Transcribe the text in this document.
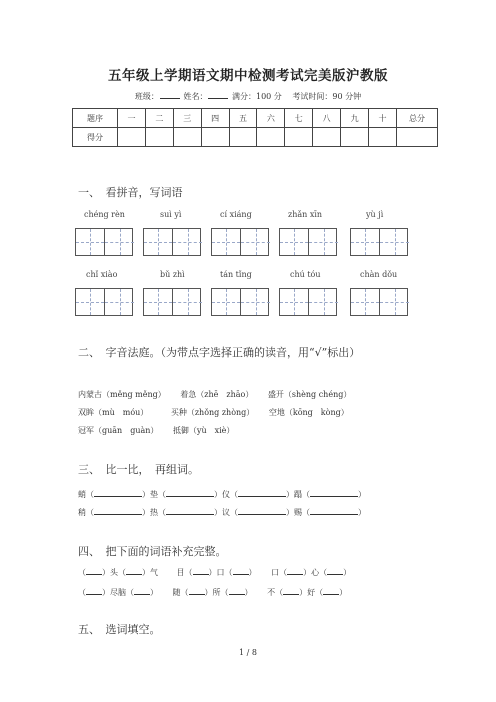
五年级上学期语文期中检测考试完美版沪教版
班级：	姓名：	满分：100 分　 考试时间：90 分钟
题序	一	二	三	四	五	六	七	八	九	十	总分
得分											
一、　看拼音，写词语
chéng rèn	suì yì	cí xiáng	zhǎn xīn	yù jì
chǐ xiào	bǔ zhì	tán tǐng	chú tóu	chàn dǒu
二、　字音法庭。（为带点字选择正确的读音，用“√”标出）
内蒙古（měng měng）　　 着急（zhē　zhāo）　　 盛开（shèng chéng）
双眸（mù　móu）　　　	买种（zhǒng zhòng）　　 空地（kōng　kòng）
冠军（guān　guàn）　　 抵御（yù　xiè）
三、　比一比，　再组词。
蛸（	）垫（	）仪（	）蹋（	）
稍（	）热（	）议（	）赐（	）
四、　把下面的词语补充完整。
（ ）头（ ）气　　 目（ ）口（ ）　　 口（ ）心（ ）
（ ）尽脑（ ）　　 随（ ）所（ ）　　 不（ ）好（ ）
五、　选词填空。
1 / 8
